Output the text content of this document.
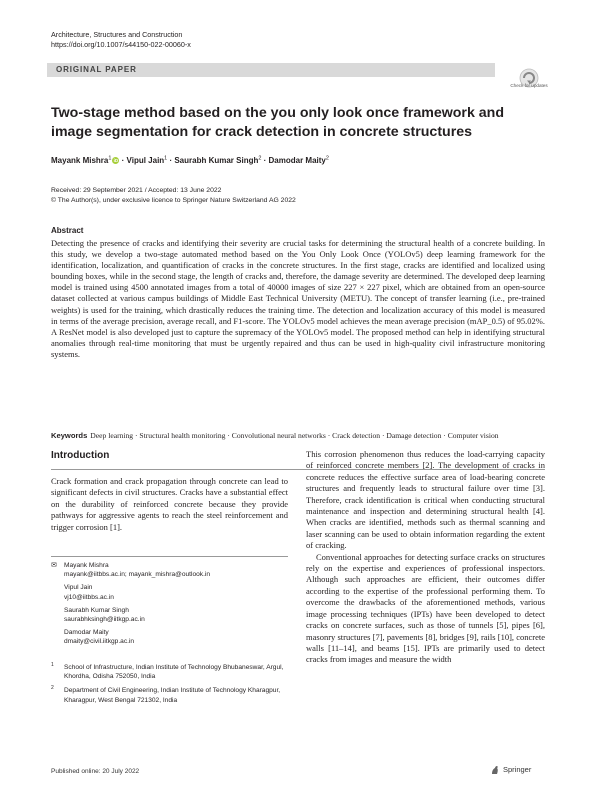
Architecture, Structures and Construction
https://doi.org/10.1007/s44150-022-00060-x
ORIGINAL PAPER
Check for updates
Two-stage method based on the you only look once framework and image segmentation for crack detection in concrete structures
Mayank Mishra$^1$ iD · Vipul Jain$^1$ · Saurabh Kumar Singh$^2$ · Damodar Maity$^2$
Received: 29 September 2021 / Accepted: 13 June 2022
© The Author(s), under exclusive licence to Springer Nature Switzerland AG 2022
Abstract
Detecting the presence of cracks and identifying their severity are crucial tasks for determining the structural health of a concrete building. In this study, we develop a two-stage automated method based on the You Only Look Once (YOLOv5) deep learning framework for the identification, localization, and quantification of cracks in the concrete structures. In the first stage, cracks are identified and localized using bounding boxes, while in the second stage, the length of cracks and, therefore, the damage severity are determined. The developed deep learning model is trained using 4500 annotated images from a total of 40000 images of size 227 × 227 pixel, which are obtained from an open-source dataset collected at various campus buildings of Middle East Technical University (METU). The concept of transfer learning (i.e., pre-trained weights) is used for the training, which drastically reduces the training time. The detection and localization accuracy of this model is measured in terms of the average precision, average recall, and F1-score. The YOLOv5 model achieves the mean average precision (mAP_0.5) of 95.02%. A ResNet model is also developed just to capture the supremacy of the YOLOv5 model. The proposed method can help in identifying structural anomalies through real-time monitoring that must be urgently repaired and thus can be used in high-quality civil infrastructure monitoring systems.
Keywords Deep learning · Structural health monitoring · Convolutional neural networks · Crack detection · Damage detection · Computer vision
Introduction
Crack formation and crack propagation through concrete can lead to significant defects in civil structures. Cracks have a substantial effect on the durability of reinforced concrete because they provide pathways for aggressive agents to reach the steel reinforcement and trigger corrosion [1].

This corrosion phenomenon thus reduces the load-carrying capacity of reinforced concrete members [2]. The development of cracks in concrete reduces the effective surface area of load-bearing concrete structures and frequently leads to structural failure over time [3]. Therefore, crack identification is critical when conducting structural maintenance and inspection and determining structural health [4]. When cracks are identified, methods such as thermal scanning and laser scanning can be used to obtain information regarding the extent of cracking.

Conventional approaches for detecting surface cracks on structures rely on the expertise and experiences of professional inspectors. Although such approaches are efficient, their outcomes differ according to the expertise of the professional performing them. To overcome the drawbacks of the aforementioned methods, various image processing techniques (IPTs) have been developed to detect cracks on concrete surfaces, such as those of tunnels [5], pipes [6], masonry structures [7], pavements [8], bridges [9], rails [10], concrete walls [11–14], and beams [15]. IPTs are primarily used to detect cracks from images and measure the width

✉ Mayank Mishra
mayank@iitbbs.ac.in; mayank_mishra@outlook.in
Vipul Jain
vj10@iitbbs.ac.in
Saurabh Kumar Singh
saurabhksingh@iitkgp.ac.in
Damodar Maity
dmaity@civil.iitkgp.ac.in
1 School of Infrastructure, Indian Institute of Technology Bhubaneswar, Argul, Khordha, Odisha 752050, India
2 Department of Civil Engineering, Indian Institute of Technology Kharagpur, Kharagpur, West Bengal 721302, India
Published online: 20 July 2022	Springer
